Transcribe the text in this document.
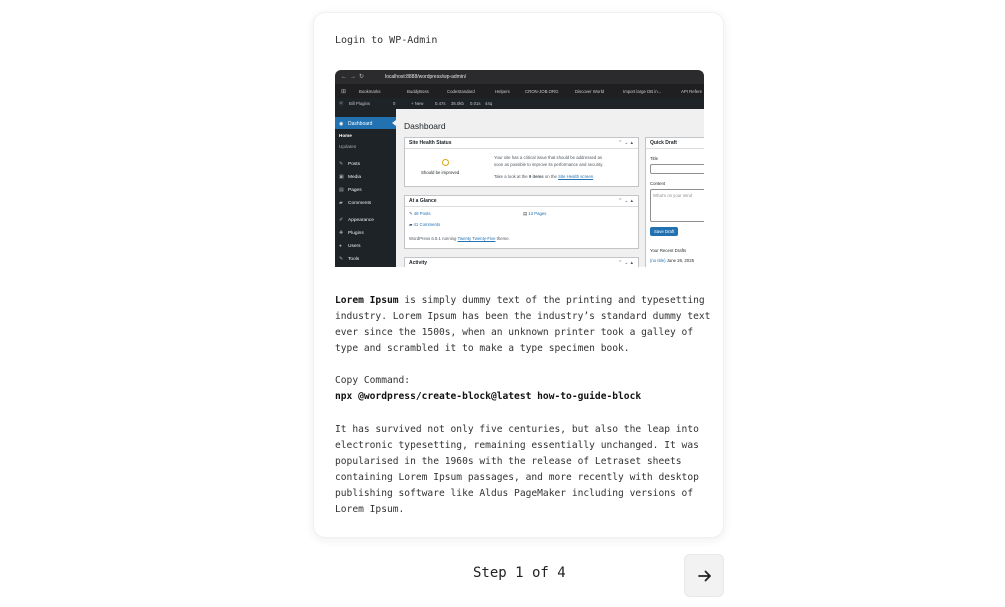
Login to WP-Admin
←→↻	localhost:8888/wordpress/wp-admin/
⊞	Bookmarks	BuddyBoss	CodeStandard	Helpers	CRON-JOB.ORG	Discover World	Import large DB in...	API Refere
ⓦ Bill Plugins	0	+ New	0.47s 36.0kb 0.01s 44q
◉ Dashboard
Home
Updates
✎ Posts
▣ Media
▤ Pages
▰ Comments
✐ Appearance
✚ Plugins
● Users
✎ Tools
Dashboard
Site Health Status	⌃⌄▴
Should be improved
Your site has a critical issue that should be addressed as
soon as possible to improve its performance and security.
Take a look at the 9 items on the Site Health screen.
At a Glance	⌃⌄▴
✎ 48 Posts	▤ 13 Pages
▰ 41 Comments
WordPress 6.8.1 running Twenty Twenty-Five theme.
Activity	⌃⌄▴
Quick Draft
Title
Content
What's on your mind
Save Draft
Your Recent Drafts
(no title) June 26, 2025
Lorem Ipsum is simply dummy text of the printing and typesetting industry. Lorem Ipsum has been the industry’s standard dummy text ever since the 1500s, when an unknown printer took a galley of type and scrambled it to make a type specimen book.
Copy Command:
npx @wordpress/create-block@latest how-to-guide-block
It has survived not only five centuries, but also the leap into electronic typesetting, remaining essentially unchanged. It was popularised in the 1960s with the release of Letraset sheets containing Lorem Ipsum passages, and more recently with desktop publishing software like Aldus PageMaker including versions of Lorem Ipsum.
Step 1 of 4
